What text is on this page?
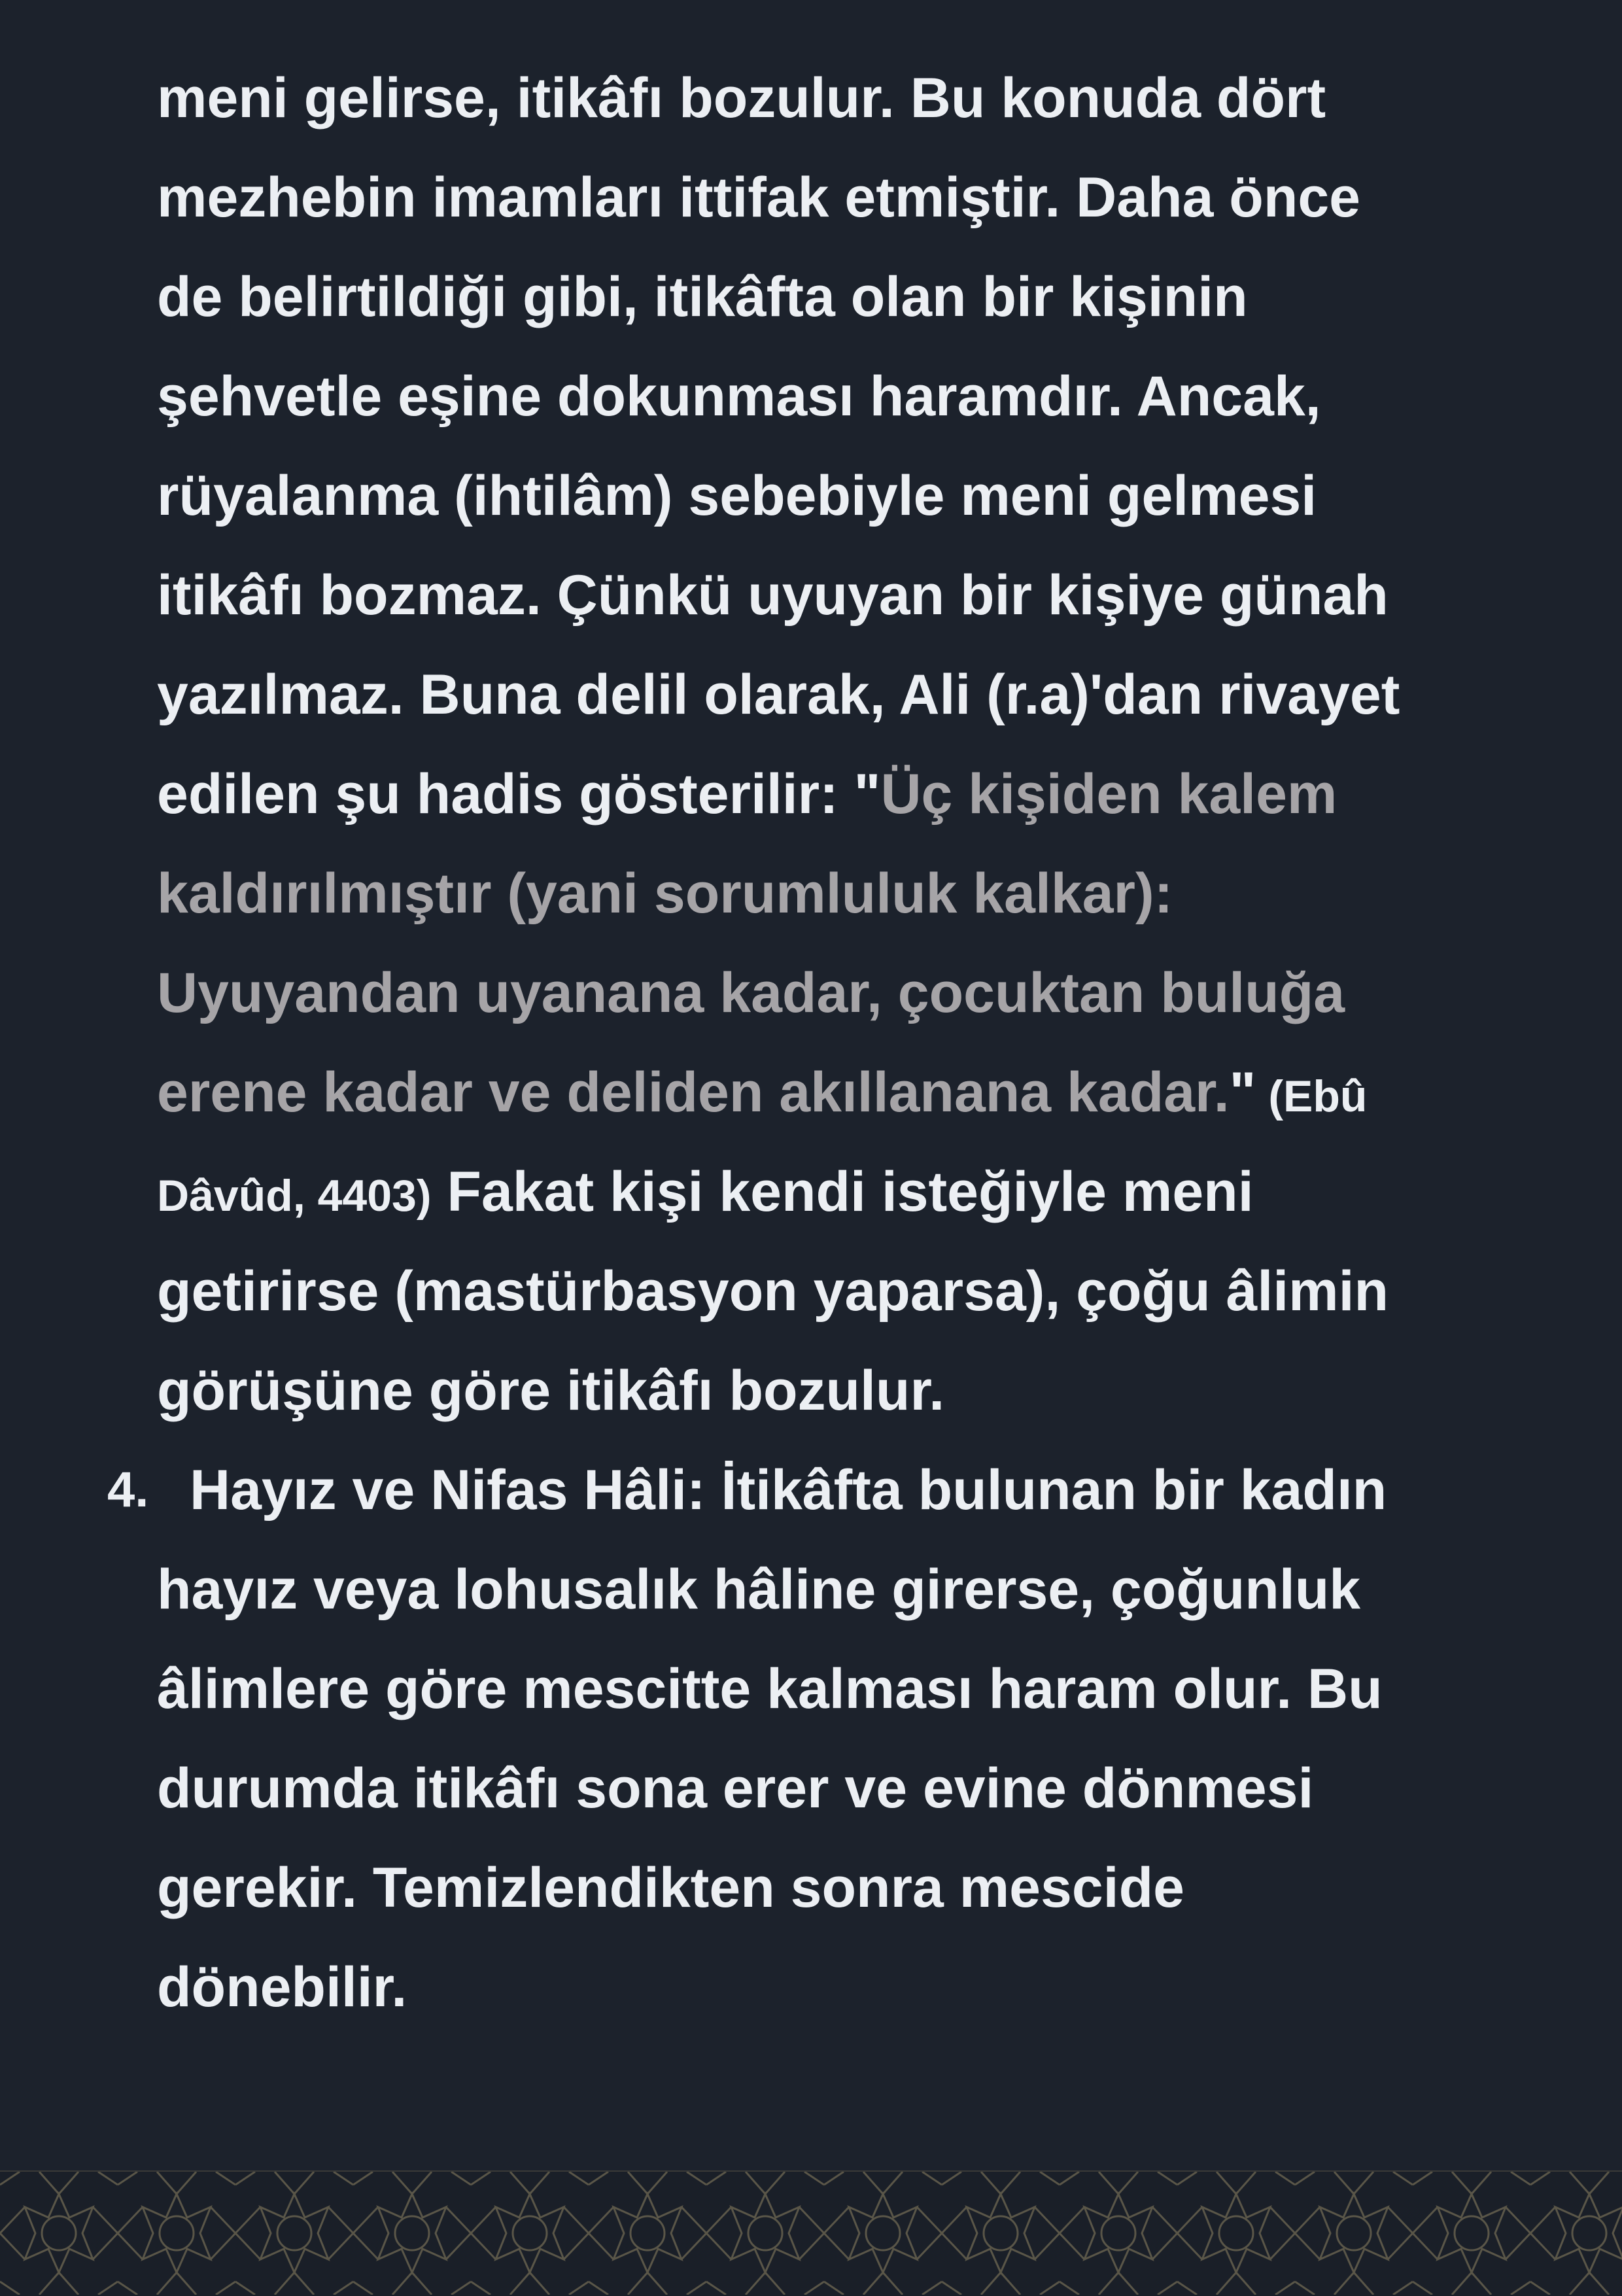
meni gelirse, itikâfı bozulur. Bu konuda dört
mezhebin imamları ittifak etmiştir. Daha önce
de belirtildiği gibi, itikâfta olan bir kişinin
şehvetle eşine dokunması haramdır. Ancak,
rüyalanma (ihtilâm) sebebiyle meni gelmesi
itikâfı bozmaz. Çünkü uyuyan bir kişiye günah
yazılmaz. Buna delil olarak, Ali (r.a)'dan rivayet
edilen şu hadis gösterilir: "Üç kişiden kalem
kaldırılmıştır (yani sorumluluk kalkar):
Uyuyandan uyanana kadar, çocuktan buluğa
erene kadar ve deliden akıllanana kadar." (Ebû
Dâvûd, 4403) Fakat kişi kendi isteğiyle meni
getirirse (mastürbasyon yaparsa), çoğu âlimin
görüşüne göre itikâfı bozulur.
4. Hayız ve Nifas Hâli: İtikâfta bulunan bir kadın
hayız veya lohusalık hâline girerse, çoğunluk
âlimlere göre mescitte kalması haram olur. Bu
durumda itikâfı sona erer ve evine dönmesi
gerekir. Temizlendikten sonra mescide
dönebilir.
